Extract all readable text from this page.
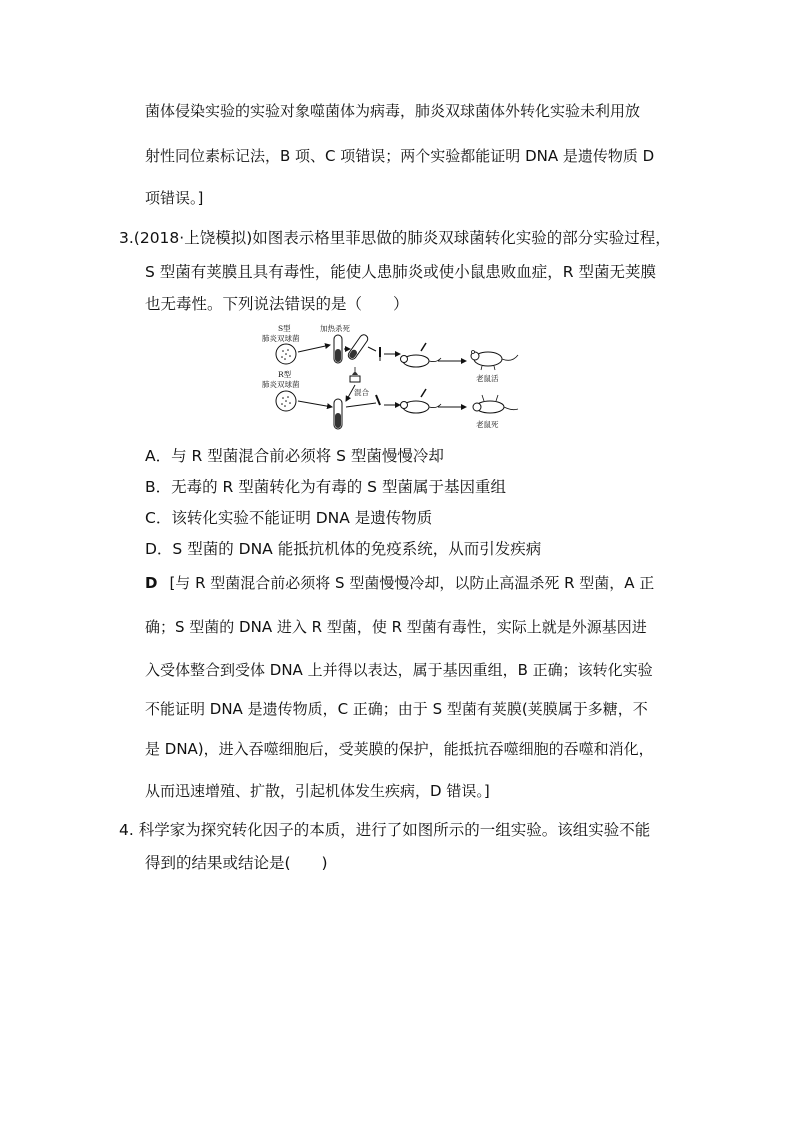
菌体侵染实验的实验对象噬菌体为病毒，肺炎双球菌体外转化实验未利用放
射性同位素标记法，B 项、C 项错误；两个实验都能证明 DNA 是遗传物质 D
项错误。]
3.(2018·上饶模拟)如图表示格里菲思做的肺炎双球菌转化实验的部分实验过程，
S 型菌有荚膜且具有毒性，能使人患肺炎或使小鼠患败血症，R 型菌无荚膜
也无毒性。下列说法错误的是（　　）
S型
肺炎双球菌
加热杀死
老鼠活
R型
肺炎双球菌
混合
老鼠死
A．与 R 型菌混合前必须将 S 型菌慢慢冷却
B．无毒的 R 型菌转化为有毒的 S 型菌属于基因重组
C．该转化实验不能证明 DNA 是遗传物质
D．S 型菌的 DNA 能抵抗机体的免疫系统，从而引发疾病
D [与 R 型菌混合前必须将 S 型菌慢慢冷却，以防止高温杀死 R 型菌，A 正
确；S 型菌的 DNA 进入 R 型菌，使 R 型菌有毒性，实际上就是外源基因进
入受体整合到受体 DNA 上并得以表达，属于基因重组，B 正确；该转化实验
不能证明 DNA 是遗传物质，C 正确；由于 S 型菌有荚膜(荚膜属于多糖，不
是 DNA)，进入吞噬细胞后，受荚膜的保护，能抵抗吞噬细胞的吞噬和消化，
从而迅速增殖、扩散，引起机体发生疾病，D 错误。]
4. 科学家为探究转化因子的本质，进行了如图所示的一组实验。该组实验不能
得到的结果或结论是(　　)
